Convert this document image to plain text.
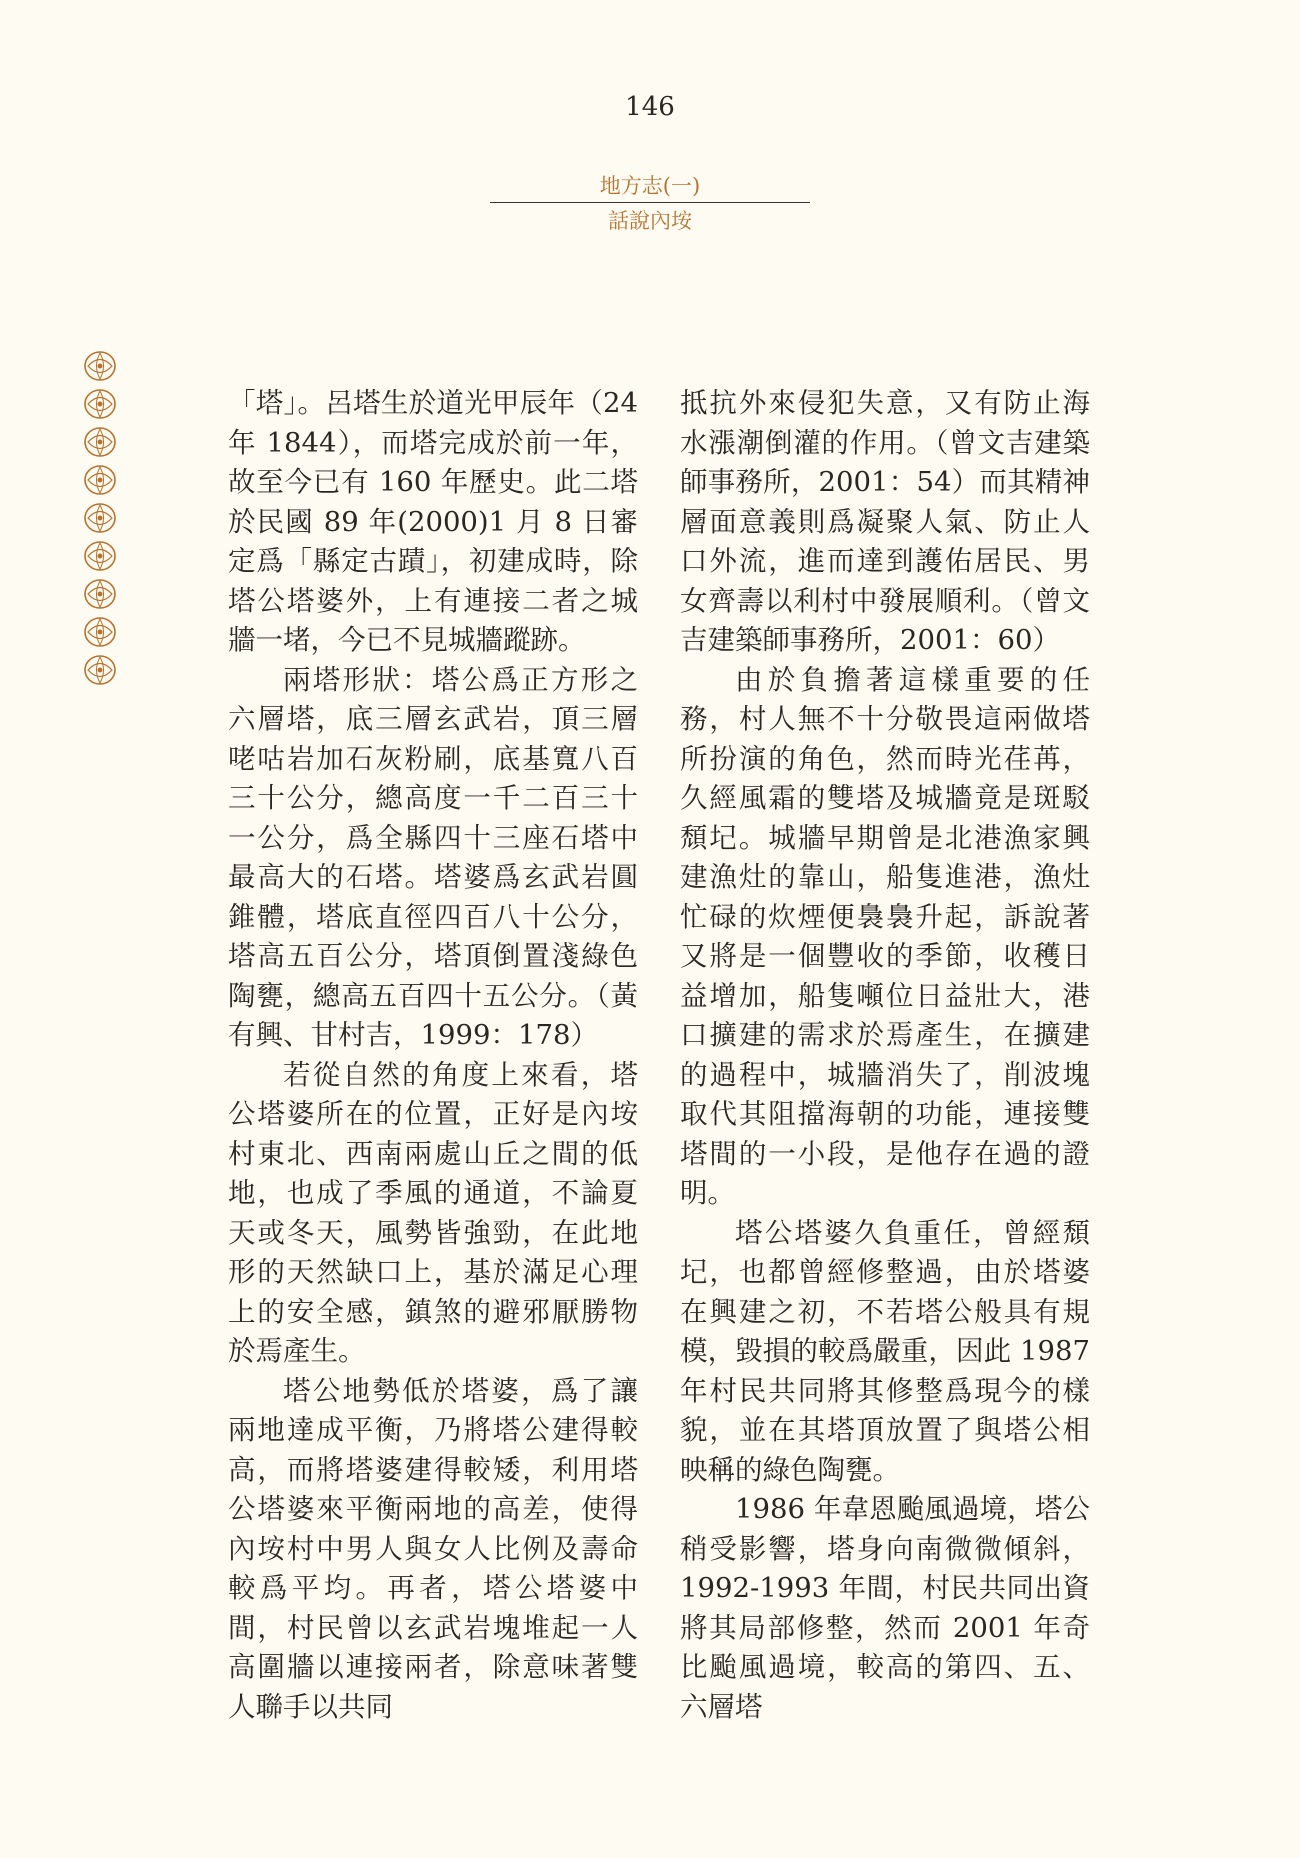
146
地方志(一)
話說內垵

「塔」。呂塔生於道光甲辰年（24年 1844），而塔完成於前一年，故至今已有 160 年歷史。此二塔於民國 89 年(2000)1 月 8 日審定爲「縣定古蹟」，初建成時，除塔公塔婆外，上有連接二者之城牆一堵，今已不見城牆蹤跡。

兩塔形狀：塔公爲正方形之六層塔，底三層玄武岩，頂三層咾咕岩加石灰粉刷，底基寬八百三十公分，總高度一千二百三十一公分，爲全縣四十三座石塔中最高大的石塔。塔婆爲玄武岩圓錐體，塔底直徑四百八十公分，塔高五百公分，塔頂倒置淺綠色陶甕，總高五百四十五公分。（黃有興、甘村吉，1999：178）

若從自然的角度上來看，塔公塔婆所在的位置，正好是內垵村東北、西南兩處山丘之間的低地，也成了季風的通道，不論夏天或冬天，風勢皆強勁，在此地形的天然缺口上，基於滿足心理上的安全感，鎮煞的避邪厭勝物於焉產生。

塔公地勢低於塔婆，爲了讓兩地達成平衡，乃將塔公建得較高，而將塔婆建得較矮，利用塔公塔婆來平衡兩地的高差，使得內垵村中男人與女人比例及壽命較爲平均。再者，塔公塔婆中間，村民曾以玄武岩塊堆起一人高圍牆以連接兩者，除意味著雙人聯手以共同

抵抗外來侵犯失意，又有防止海水漲潮倒灌的作用。（曾文吉建築師事務所，2001：54）而其精神層面意義則爲凝聚人氣、防止人口外流，進而達到護佑居民、男女齊壽以利村中發展順利。（曾文吉建築師事務所，2001：60）

由於負擔著這樣重要的任務，村人無不十分敬畏這兩做塔所扮演的角色，然而時光荏苒，久經風霜的雙塔及城牆竟是斑駁頹圮。城牆早期曾是北港漁家興建漁灶的靠山，船隻進港，漁灶忙碌的炊煙便裊裊升起，訴說著又將是一個豐收的季節，收穫日益增加，船隻噸位日益壯大，港口擴建的需求於焉產生，在擴建的過程中，城牆消失了，削波塊取代其阻擋海朝的功能，連接雙塔間的一小段，是他存在過的證明。

塔公塔婆久負重任，曾經頹圮，也都曾經修整過，由於塔婆在興建之初，不若塔公般具有規模，毀損的較爲嚴重，因此 1987 年村民共同將其修整爲現今的樣貌，並在其塔頂放置了與塔公相映稱的綠色陶甕。

1986 年韋恩颱風過境，塔公稍受影響，塔身向南微微傾斜，1992-1993 年間，村民共同出資將其局部修整，然而 2001 年奇比颱風過境，較高的第四、五、六層塔
